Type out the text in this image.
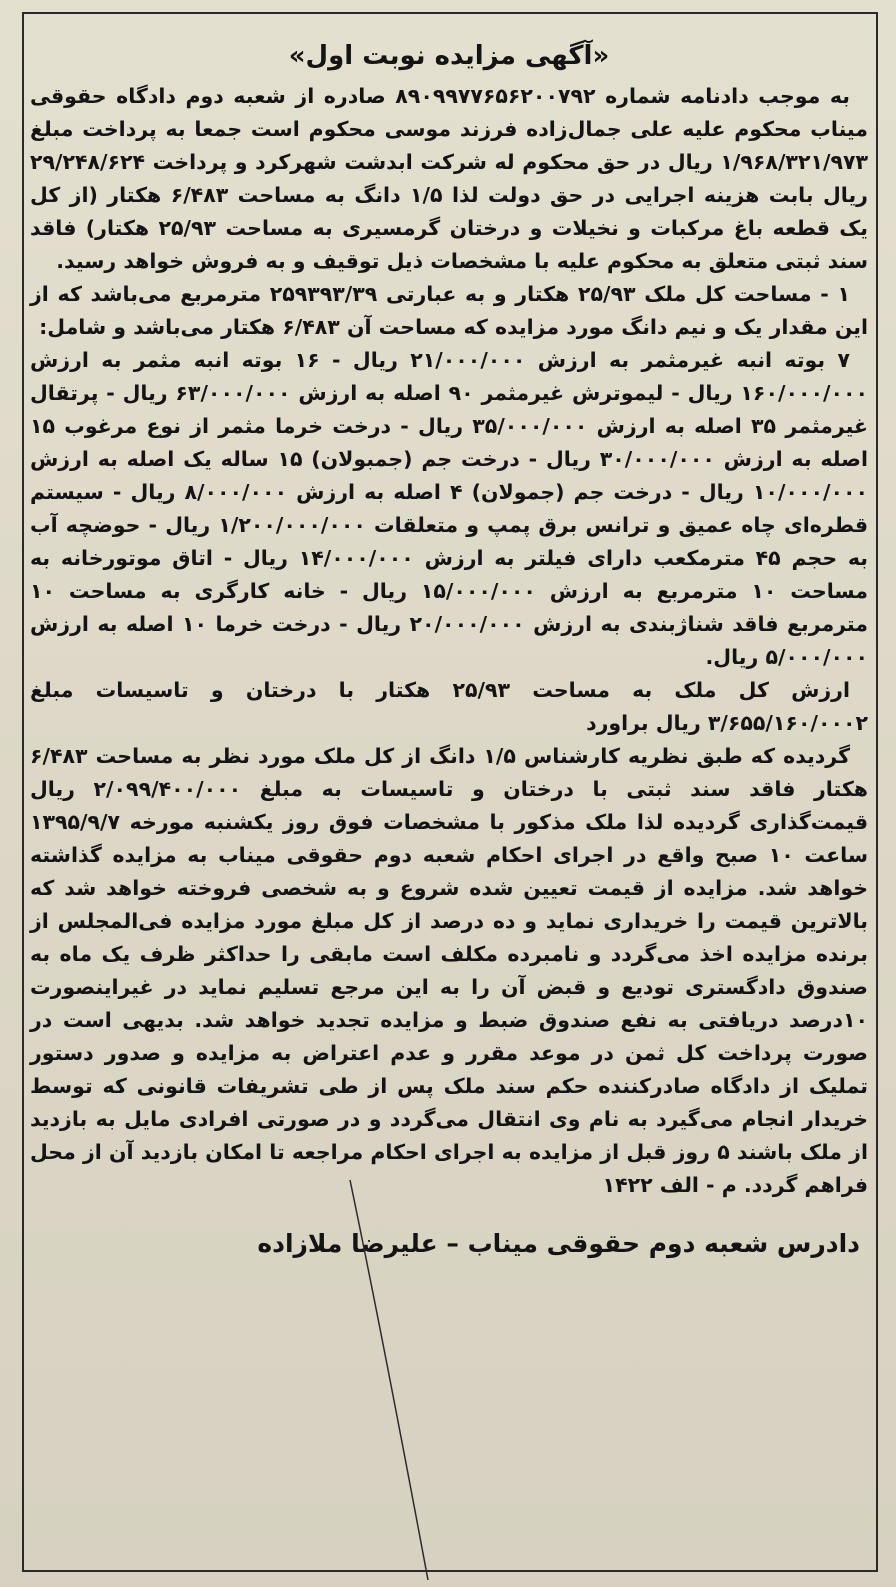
«آگهی مزایده نوبت اول»

به موجب دادنامه شماره ۸۹۰۹۹۷۷۶۵۶۲۰۰۷۹۲ صادره از شعبه دوم دادگاه حقوقی میناب محکوم علیه علی جمال‌زاده فرزند موسی محکوم است جمعا به پرداخت مبلغ ۱/۹۶۸/۳۲۱/۹۷۳ ریال در حق محکوم له شرکت ابدشت شهرکرد و پرداخت ۲۹/۲۴۸/۶۲۴ ریال بابت هزینه اجرایی در حق دولت لذا ۱/۵ دانگ به مساحت ۶/۴۸۳ هکتار (از کل یک قطعه باغ مرکبات و نخیلات و درختان گرمسیری به مساحت ۲۵/۹۳ هکتار) فاقد سند ثبتی متعلق به محکوم علیه با مشخصات ذیل توقیف و به فروش خواهد رسید.

۱ - مساحت کل ملک ۲۵/۹۳ هکتار و به عبارتی ۲۵۹۳۹۳/۳۹ مترمربع می‌باشد که از این مقدار یک و نیم دانگ مورد مزایده که مساحت آن ۶/۴۸۳ هکتار می‌باشد و شامل:

۷ بوته انبه غیرمثمر به ارزش ۲۱/۰۰۰/۰۰۰ ریال - ۱۶ بوته انبه مثمر به ارزش ۱۶۰/۰۰۰/۰۰۰ ریال - لیموترش غیرمثمر ۹۰ اصله به ارزش ۶۳/۰۰۰/۰۰۰ ریال - پرتقال غیرمثمر ۳۵ اصله به ارزش ۳۵/۰۰۰/۰۰۰ ریال - درخت خرما مثمر از نوع مرغوب ۱۵ اصله به ارزش ۳۰/۰۰۰/۰۰۰ ریال - درخت جم (جمبولان) ۱۵ ساله یک اصله به ارزش ۱۰/۰۰۰/۰۰۰ ریال - درخت جم (جمولان) ۴ اصله به ارزش ۸/۰۰۰/۰۰۰ ریال - سیستم قطره‌ای چاه عمیق و ترانس برق پمپ و متعلقات ۱/۲۰۰/۰۰۰/۰۰۰ ریال - حوضچه آب به حجم ۴۵ مترمکعب دارای فیلتر به ارزش ۱۴/۰۰۰/۰۰۰ ریال - اتاق موتورخانه به مساحت ۱۰ مترمربع به ارزش ۱۵/۰۰۰/۰۰۰ ریال - خانه کارگری به مساحت ۱۰ مترمربع فاقد شناژبندی به ارزش ۲۰/۰۰۰/۰۰۰ ریال - درخت خرما ۱۰ اصله به ارزش ۵/۰۰۰/۰۰۰ ریال.

ارزش کل ملک به مساحت ۲۵/۹۳ هکتار با درختان و تاسیسات مبلغ ۳/۶۵۵/۱۶۰/۰۰۰۲ ریال براورد

گردیده که طبق نظریه کارشناس ۱/۵ دانگ از کل ملک مورد نظر به مساحت ۶/۴۸۳ هکتار فاقد سند ثبتی با درختان و تاسیسات به مبلغ ۲/۰۹۹/۴۰۰/۰۰۰ ریال قیمت‌گذاری گردیده لذا ملک مذکور با مشخصات فوق روز یکشنبه مورخه ۱۳۹۵/۹/۷ ساعت ۱۰ صبح واقع در اجرای احکام شعبه دوم حقوقی میناب به مزایده گذاشته خواهد شد. مزایده از قیمت تعیین شده شروع و به شخصی فروخته خواهد شد که بالاترین قیمت را خریداری نماید و ده درصد از کل مبلغ مورد مزایده فی‌المجلس از برنده مزایده اخذ می‌گردد و نامبرده مکلف است مابقی را حداکثر ظرف یک ماه به صندوق دادگستری تودیع و قبض آن را به این مرجع تسلیم نماید در غیراینصورت ۱۰درصد دریافتی به نفع صندوق ضبط و مزایده تجدید خواهد شد. بدیهی است در صورت پرداخت کل ثمن در موعد مقرر و عدم اعتراض به مزایده و صدور دستور تملیک از دادگاه صادرکننده حکم سند ملک پس از طی تشریفات قانونی که توسط خریدار انجام می‌گیرد به نام وی انتقال می‌گردد و در صورتی افرادی مایل به بازدید از ملک باشند ۵ روز قبل از مزایده به اجرای احکام مراجعه تا امکان بازدید آن از محل فراهم گردد. م - الف ۱۴۲۲

دادرس شعبه دوم حقوقی میناب – علیرضا ملازاده
